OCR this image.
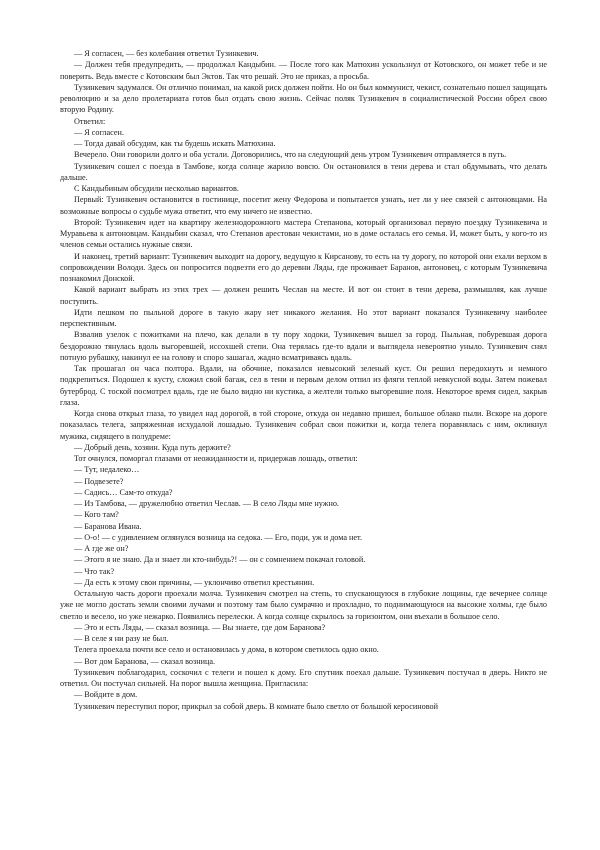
— Я согласен, — без колебания ответил Тузинкевич.

— Должен тебя предупредить, — продолжал Кандыбин. — После того как Матюхин ускользнул от Котовского, он может тебе и не поверить. Ведь вместе с Котовским был Эктов. Так что решай. Это не приказ, а просьба.

Тузинкевич задумался. Он отлично понимал, на какой риск должен пойти. Но он был коммунист, чекист, сознательно пошел защищать революцию и за дело пролетариата готов был отдать свою жизнь. Сейчас поляк Тузинкевич в социалистической России обрел свою вторую Родину.

Ответил:

— Я согласен.

— Тогда давай обсудим, как ты будешь искать Матюхина.

Вечерело. Они говорили долго и оба устали. Договорились, что на следующий день утром Тузинкевич отправляется в путь.

Тузинкевич сошел с поезда в Тамбове, когда солнце жарило вовсю. Он остановился в тени дерева и стал обдумывать, что делать дальше.

С Кандыбиным обсудили несколько вариантов.

Первый: Тузинкевич остановится в гостинице, посетит жену Федорова и попытается узнать, нет ли у нее связей с антоновцами. На возможные вопросы о судьбе мужа ответит, что ему ничего не известно.

Второй: Тузинкевич идет на квартиру железнодорожного мастера Степанова, который организовал первую поездку Тузинкевича и Муравьева к антоновцам. Кандыбин сказал, что Степанов арестован чекистами, но в доме осталась его семья. И, может быть, у кого-то из членов семьи остались нужные связи.

И наконец, третий вариант: Тузинкевич выходит на дорогу, ведущую к Кирсанову, то есть на ту дорогу, по которой они ехали верхом в сопровождении Володи. Здесь он попросится подвезти его до деревни Ляды, где проживает Баранов, антоновец, с которым Тузинкевича познакомил Донской.

Какой вариант выбрать из этих трех — должен решить Чеслав на месте. И вот он стоит в тени дерева, размышляя, как лучше поступить.

Идти пешком по пыльной дороге в такую жару нет никакого желания. Но этот вариант показался Тузинкевичу наиболее перспективным.

Взвалив узелок с пожитками на плечо, как делали в ту пору ходоки, Тузинкевич вышел за город. Пыльная, побуревшая дорога бездорожно тянулась вдоль выгоревшей, иссохшей степи. Она терялась где-то вдали и выглядела невероятно уныло. Тузинкевич снял потную рубашку, накинул ее на голову и споро зашагал, жадно всматриваясь вдаль.

Так прошагал он часа полтора. Вдали, на обочине, показался невысокий зеленый куст. Он решил передохнуть и немного подкрепиться. Подошел к кусту, сложил свой багаж, сел в тени и первым делом отпил из фляги теплой невкусной воды. Затем пожевал бутерброд. С тоской посмотрел вдаль, где не было видно ни кустика, а желтели только выгоревшие поля. Некоторое время сидел, закрыв глаза.

Когда снова открыл глаза, то увидел над дорогой, в той стороне, откуда он недавно пришел, большое облако пыли. Вскоре на дороге показалась телега, запряженная исхудалой лошадью. Тузинкевич собрал свои пожитки и, когда телега поравнялась с ним, окликнул мужика, сидящего в полудреме:

— Добрый день, хозяин. Куда путь держите?

Тот очнулся, поморгал глазами от неожиданности и, придержав лошадь, ответил:

— Тут, недалеко…

— Подвезете?

— Садись… Сам-то откуда?

— Из Тамбова, — дружелюбно ответил Чеслав. — В село Ляды мне нужно.

— Кого там?

— Баранова Ивана.

— О-о! — с удивлением оглянулся возница на седока. — Его, поди, уж и дома нет.

— А где же он?

— Этого я не знаю. Да и знает ли кто-нибудь?! — он с сомнением покачал головой.

— Что так?

— Да есть к этому свои причины, — уклончиво ответил крестьянин.

Остальную часть дороги проехали молча. Тузинкевич смотрел на степь, то спускающуюся в глубокие лощины, где вечернее солнце уже не могло достать земли своими лучами и поэтому там было сумрачно и прохладно, то поднимающуюся на высокие холмы, где было светло и весело, но уже нежарко. Появились перелески. А когда солнце скрылось за горизонтом, они въехали в большое село.

— Это и есть Ляды, — сказал возница. — Вы знаете, где дом Баранова?

— В селе я ни разу не был.

Телега проехала почти все село и остановилась у дома, в котором светилось одно окно.

— Вот дом Баранова, — сказал возница.

Тузинкевич поблагодарил, соскочил с телеги и пошел к дому. Его спутник поехал дальше. Тузинкевич постучал в дверь. Никто не ответил. Он постучал сильней. На порог вышла женщина. Пригласила:

— Войдите в дом.

Тузинкевич переступил порог, прикрыл за собой дверь. В комнате было светло от большой керосиновой
